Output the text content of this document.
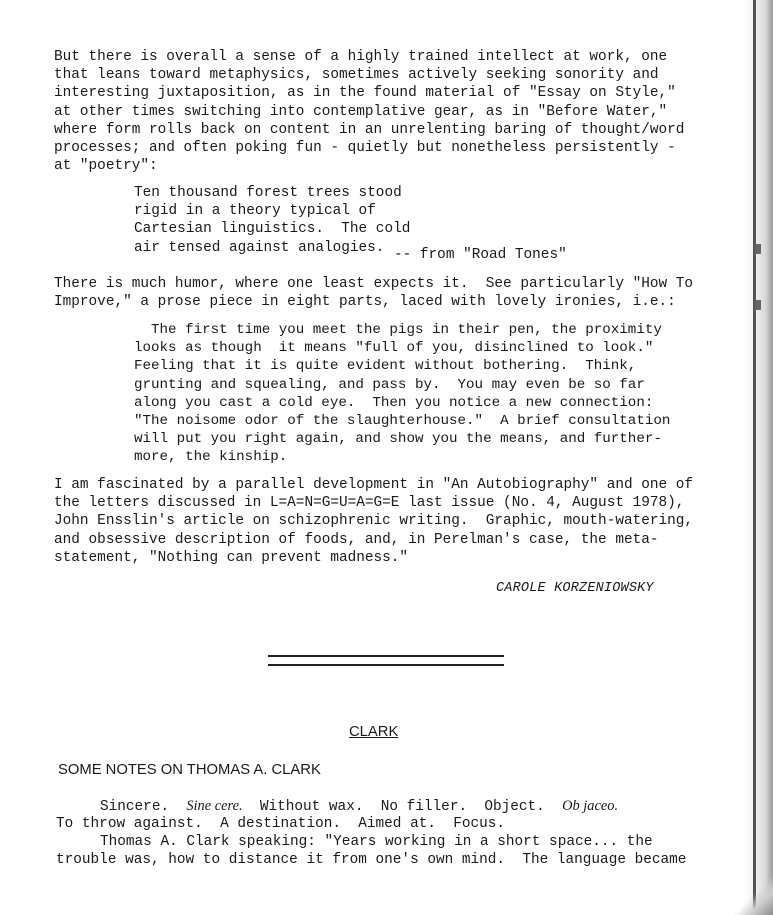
But there is overall a sense of a highly trained intellect at work, one
that leans toward metaphysics, sometimes actively seeking sonority and
interesting juxtaposition, as in the found material of "Essay on Style,"
at other times switching into contemplative gear, as in "Before Water,"
where form rolls back on content in an unrelenting baring of thought/word
processes; and often poking fun - quietly but nonetheless persistently -
at "poetry":

Ten thousand forest trees stood
rigid in a theory typical of
Cartesian linguistics.  The cold
air tensed against analogies. -- from "Road Tones"

There is much humor, where one least expects it.  See particularly "How To
Improve," a prose piece in eight parts, laced with lovely ironies, i.e.:

The first time you meet the pigs in their pen, the proximity
looks as though  it means "full of you, disinclined to look."
Feeling that it is quite evident without bothering.  Think,
grunting and squealing, and pass by.  You may even be so far
along you cast a cold eye.  Then you notice a new connection:
"The noisome odor of the slaughterhouse."  A brief consultation
will put you right again, and show you the means, and further-
more, the kinship.

I am fascinated by a parallel development in "An Autobiography" and one of
the letters discussed in L=A=N=G=U=A=G=E last issue (No. 4, August 1978),
John Ensslin's article on schizophrenic writing.  Graphic, mouth-watering,
and obsessive description of foods, and, in Perelman's case, the meta-
statement, "Nothing can prevent madness."

CAROLE KORZENIOWSKY
CLARK
SOME NOTES ON THOMAS A. CLARK
Sincere.  Sine cere.  Without wax.  No filler.  Object.  Ob jaceo.
To throw against.  A destination.  Aimed at.  Focus.
Thomas A. Clark speaking: "Years working in a short space... the
trouble was, how to distance it from one's own mind.  The language became
